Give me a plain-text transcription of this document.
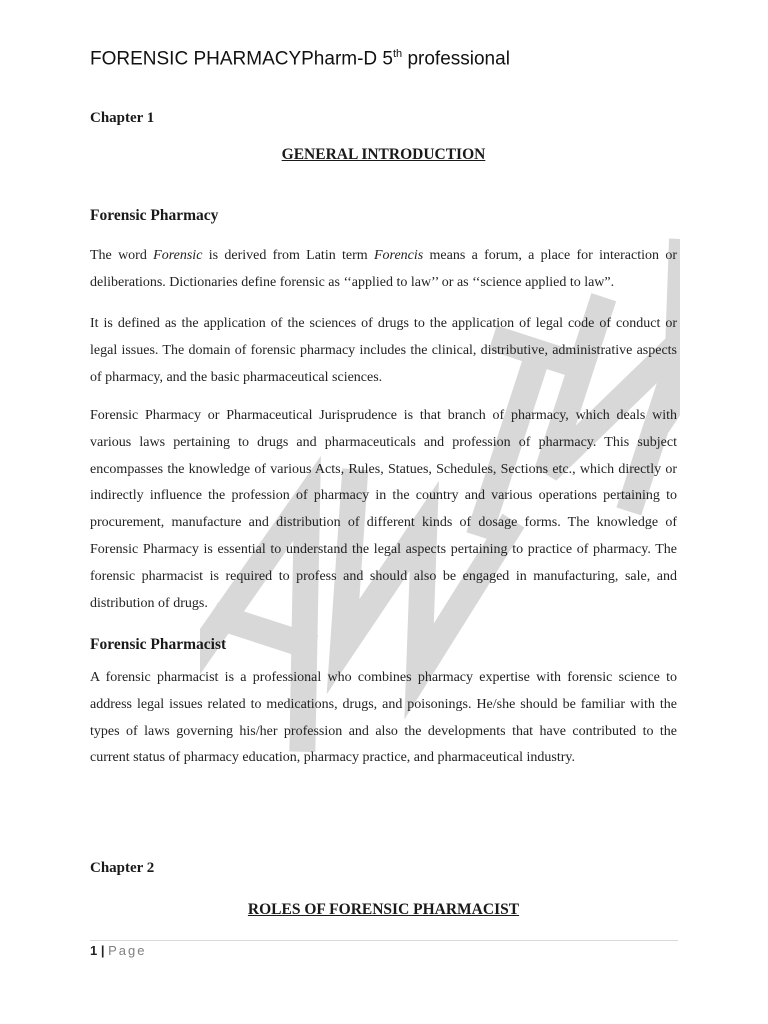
FORENSIC PHARMACYPharm-D 5th professional
Chapter 1
GENERAL INTRODUCTION
Forensic Pharmacy
The word Forensic is derived from Latin term Forencis means a forum, a place for interaction or deliberations. Dictionaries define forensic as ‘‘applied to law’’ or as ‘‘science applied to law”.
It is defined as the application of the sciences of drugs to the application of legal code of conduct or legal issues. The domain of forensic pharmacy includes the clinical, distributive, administrative aspects of pharmacy, and the basic pharmaceutical sciences.
Forensic Pharmacy or Pharmaceutical Jurisprudence is that branch of pharmacy, which deals with various laws pertaining to drugs and pharmaceuticals and profession of pharmacy. This subject encompasses the knowledge of various Acts, Rules, Statues, Schedules, Sections etc., which directly or indirectly influence the profession of pharmacy in the country and various operations pertaining to procurement, manufacture and distribution of different kinds of dosage forms. The knowledge of Forensic Pharmacy is essential to understand the legal aspects pertaining to practice of pharmacy. The forensic pharmacist is required to profess and should also be engaged in manufacturing, sale, and distribution of drugs.
Forensic Pharmacist
A forensic pharmacist is a professional who combines pharmacy expertise with forensic science to address legal issues related to medications, drugs, and poisonings. He/she should be familiar with the types of laws governing his/her profession and also the developments that have contributed to the current status of pharmacy education, pharmacy practice, and pharmaceutical industry.
Chapter 2
ROLES OF FORENSIC PHARMACIST
1 | Page
